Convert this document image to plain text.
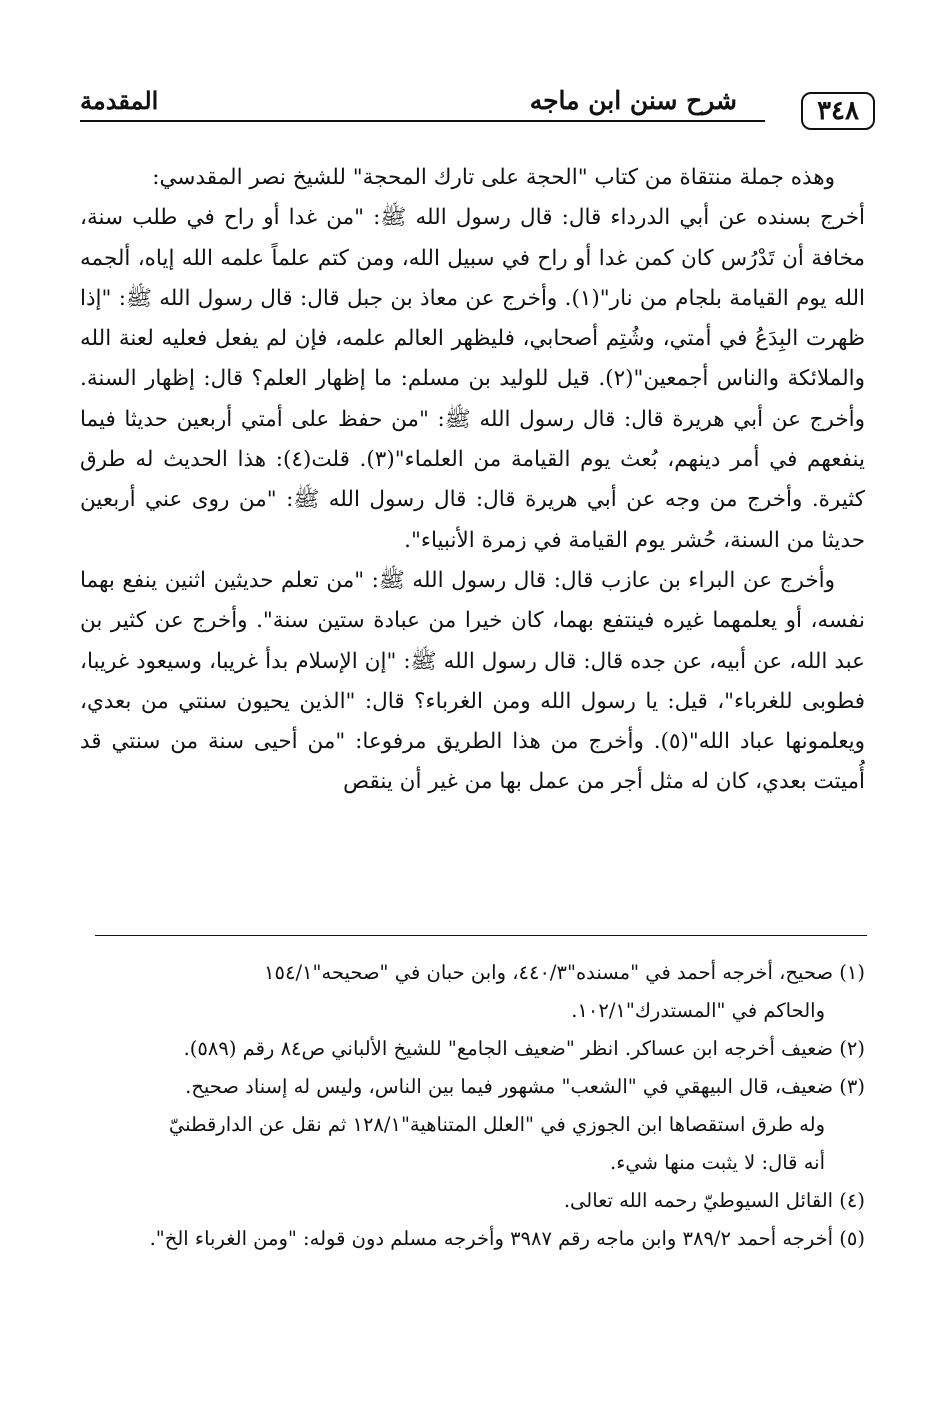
٣٤٨
شرح سنن ابن ماجه
المقدمة

وهذه جملة منتقاة من كتاب "الحجة على تارك المحجة" للشيخ نصر المقدسي:

أخرج بسنده عن أبي الدرداء قال: قال رسول الله ﷺ: "من غدا أو راح في طلب سنة، مخافة أن تَدْرُس كان كمن غدا أو راح في سبيل الله، ومن كتم علماً علمه الله إياه، ألجمه الله يوم القيامة بلجام من نار"(١). وأخرج عن معاذ بن جبل قال: قال رسول الله ﷺ: "إذا ظهرت البِدَعُ في أمتي، وشُتِم أصحابي، فليظهر العالم علمه، فإن لم يفعل فعليه لعنة الله والملائكة والناس أجمعين"(٢). قيل للوليد بن مسلم: ما إظهار العلم؟ قال: إظهار السنة. وأخرج عن أبي هريرة قال: قال رسول الله ﷺ: "من حفظ على أمتي أربعين حديثا فيما ينفعهم في أمر دينهم، بُعث يوم القيامة من العلماء"(٣). قلت(٤): هذا الحديث له طرق كثيرة. وأخرج من وجه عن أبي هريرة قال: قال رسول الله ﷺ: "من روى عني أربعين حديثا من السنة، حُشر يوم القيامة في زمرة الأنبياء".

وأخرج عن البراء بن عازب قال: قال رسول الله ﷺ: "من تعلم حديثين اثنين ينفع بهما نفسه، أو يعلمهما غيره فينتفع بهما، كان خيرا من عبادة ستين سنة". وأخرج عن كثير بن عبد الله، عن أبيه، عن جده قال: قال رسول الله ﷺ: "إن الإسلام بدأ غريبا، وسيعود غريبا، فطوبى للغرباء"، قيل: يا رسول الله ومن الغرباء؟ قال: "الذين يحيون سنتي من بعدي، ويعلمونها عباد الله"(٥). وأخرج من هذا الطريق مرفوعا: "من أحيى سنة من سنتي قد أُميتت بعدي، كان له مثل أجر من عمل بها من غير أن ينقص

(١) صحيح، أخرجه أحمد في "مسنده"٤٤٠/٣، وابن حبان في "صحيحه"١٥٤/١
والحاكم في "المستدرك"١٠٢/١.
(٢) ضعيف أخرجه ابن عساكر. انظر "ضعيف الجامع" للشيخ الألباني ص٨٤ رقم (٥٨٩).
(٣) ضعيف، قال البيهقي في "الشعب" مشهور فيما بين الناس، وليس له إسناد صحيح.
وله طرق استقصاها ابن الجوزي في "العلل المتناهية"١٢٨/١ ثم نقل عن الدارقطنيّ
أنه قال: لا يثبت منها شيء.
(٤) القائل السيوطيّ رحمه الله تعالى.
(٥) أخرجه أحمد ٣٨٩/٢ وابن ماجه رقم ٣٩٨٧ وأخرجه مسلم دون قوله: "ومن الغرباء الخ".
